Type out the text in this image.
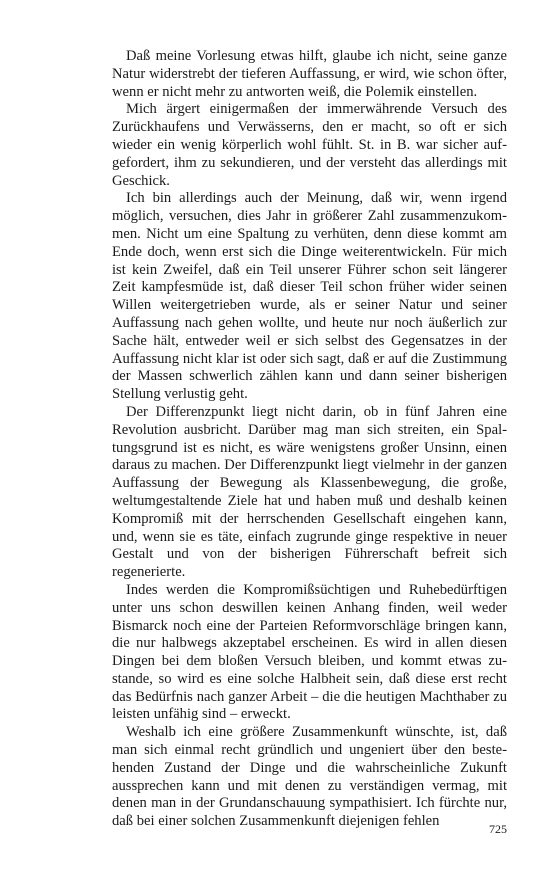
Daß meine Vorlesung etwas hilft, glaube ich nicht, seine ganze Natur widerstrebt der tieferen Auffassung, er wird, wie schon öfter, wenn er nicht mehr zu antworten weiß, die Polemik einstellen.

Mich ärgert einigermaßen der immerwährende Versuch des Zurückhaufens und Verwässerns, den er macht, so oft er sich wieder ein wenig körperlich wohl fühlt. St. in B. war sicher aufgefordert, ihm zu sekundieren, und der versteht das allerdings mit Geschick.

Ich bin allerdings auch der Meinung, daß wir, wenn irgend möglich, versuchen, dies Jahr in größerer Zahl zusammenzukommen. Nicht um eine Spaltung zu verhüten, denn diese kommt am Ende doch, wenn erst sich die Dinge weiterentwickeln. Für mich ist kein Zweifel, daß ein Teil unserer Führer schon seit längerer Zeit kampfesmüde ist, daß dieser Teil schon früher wider seinen Willen weitergetrieben wurde, als er seiner Natur und seiner Auffassung nach gehen wollte, und heute nur noch äußerlich zur Sache hält, entweder weil er sich selbst des Gegensatzes in der Auffassung nicht klar ist oder sich sagt, daß er auf die Zustimmung der Massen schwerlich zählen kann und dann seiner bisherigen Stellung verlustig geht.

Der Differenzpunkt liegt nicht darin, ob in fünf Jahren eine Revolution ausbricht. Darüber mag man sich streiten, ein Spaltungsgrund ist es nicht, es wäre wenigstens großer Unsinn, einen daraus zu machen. Der Differenzpunkt liegt vielmehr in der ganzen Auffassung der Bewegung als Klassenbewegung, die große, weltumgestaltende Ziele hat und haben muß und deshalb keinen Kompromiß mit der herrschenden Gesellschaft eingehen kann, und, wenn sie es täte, einfach zugrunde ginge respektive in neuer Gestalt und von der bisherigen Führerschaft befreit sich regenerierte.

Indes werden die Kompromißsüchtigen und Ruhebedürftigen unter uns schon deswillen keinen Anhang finden, weil weder Bismarck noch eine der Parteien Reformvorschläge bringen kann, die nur halbwegs akzeptabel erscheinen. Es wird in allen diesen Dingen bei dem bloßen Versuch bleiben, und kommt etwas zustande, so wird es eine solche Halbheit sein, daß diese erst recht das Bedürfnis nach ganzer Arbeit – die die heutigen Machthaber zu leisten unfähig sind – erweckt.

Weshalb ich eine größere Zusammenkunft wünschte, ist, daß man sich einmal recht gründlich und ungeniert über den bestehenden Zustand der Dinge und die wahrscheinliche Zukunft aussprechen kann und mit denen zu verständigen vermag, mit denen man in der Grundanschauung sympathisiert. Ich fürchte nur, daß bei einer solchen Zusammenkunft diejenigen fehlen	725
